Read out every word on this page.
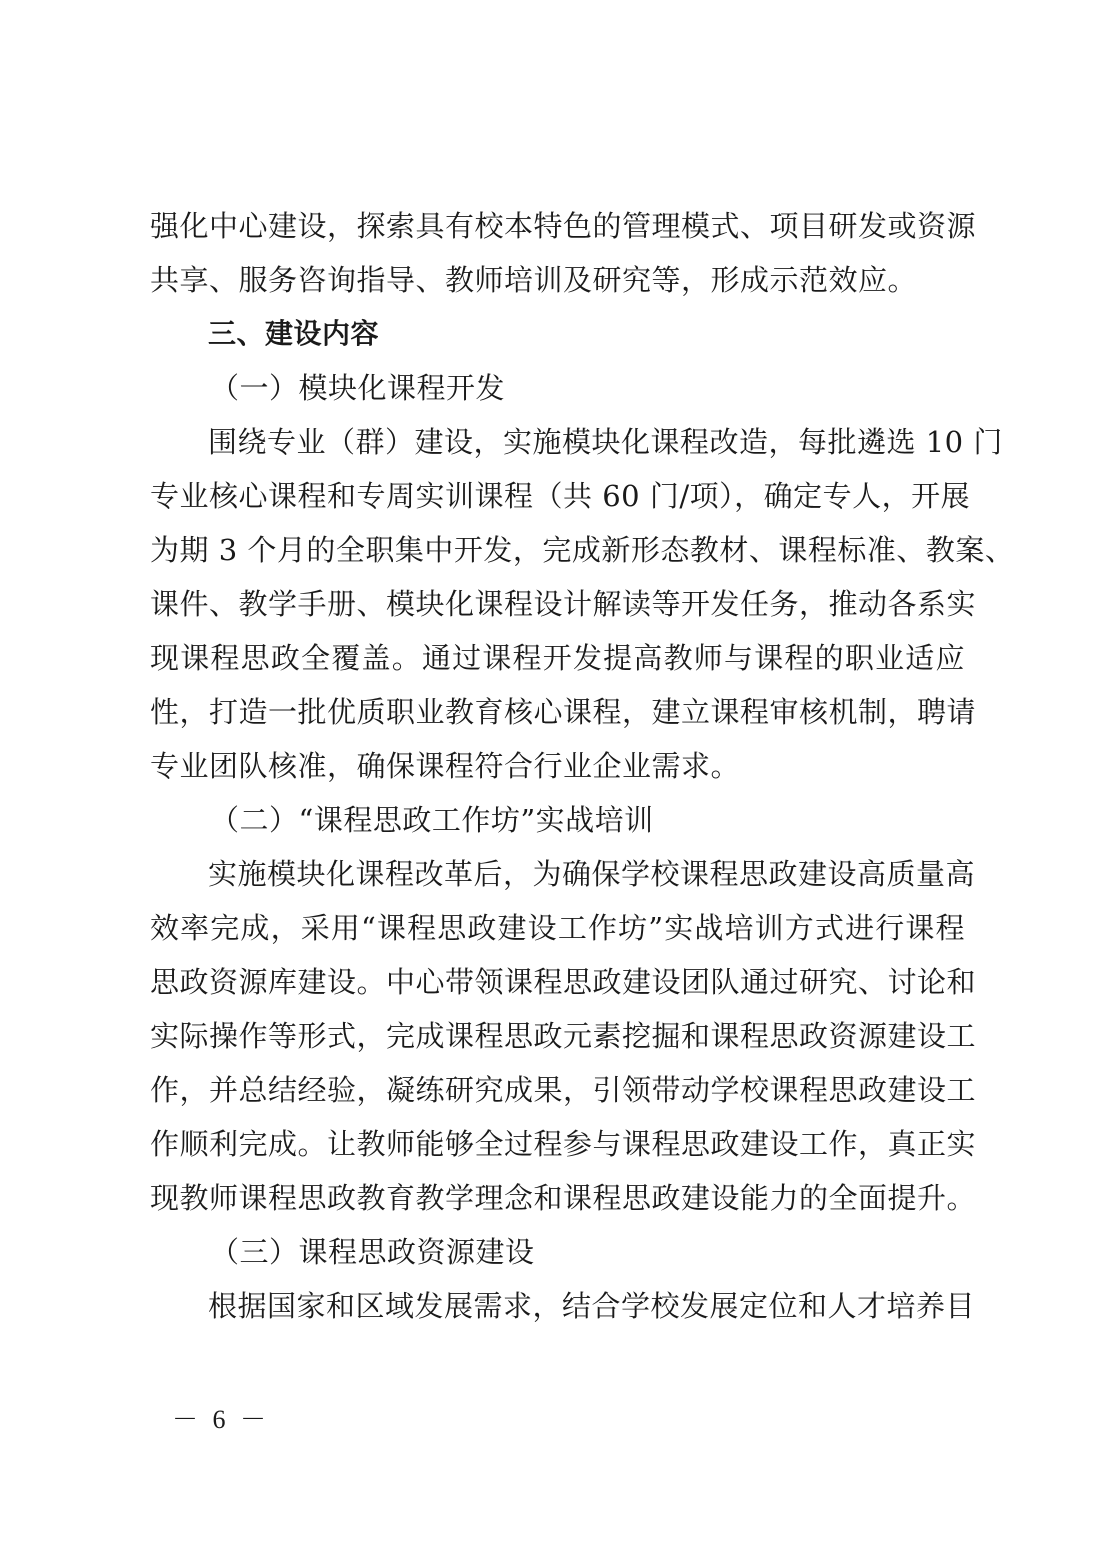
强化中心建设，探索具有校本特色的管理模式、项目研发或资源
共享、服务咨询指导、教师培训及研究等，形成示范效应。
三、建设内容
（一）模块化课程开发
围绕专业（群）建设，实施模块化课程改造，每批遴选 10 门
专业核心课程和专周实训课程（共 60 门/项），确定专人，开展
为期 3 个月的全职集中开发，完成新形态教材、课程标准、教案、
课件、教学手册、模块化课程设计解读等开发任务，推动各系实
现课程思政全覆盖。通过课程开发提高教师与课程的职业适应
性，打造一批优质职业教育核心课程，建立课程审核机制，聘请
专业团队核准，确保课程符合行业企业需求。
（二）“课程思政工作坊”实战培训
实施模块化课程改革后，为确保学校课程思政建设高质量高
效率完成，采用“课程思政建设工作坊”实战培训方式进行课程
思政资源库建设。中心带领课程思政建设团队通过研究、讨论和
实际操作等形式，完成课程思政元素挖掘和课程思政资源建设工
作，并总结经验，凝练研究成果，引领带动学校课程思政建设工
作顺利完成。让教师能够全过程参与课程思政建设工作，真正实
现教师课程思政教育教学理念和课程思政建设能力的全面提升。
（三）课程思政资源建设
根据国家和区域发展需求，结合学校发展定位和人才培养目
－ 6 －
